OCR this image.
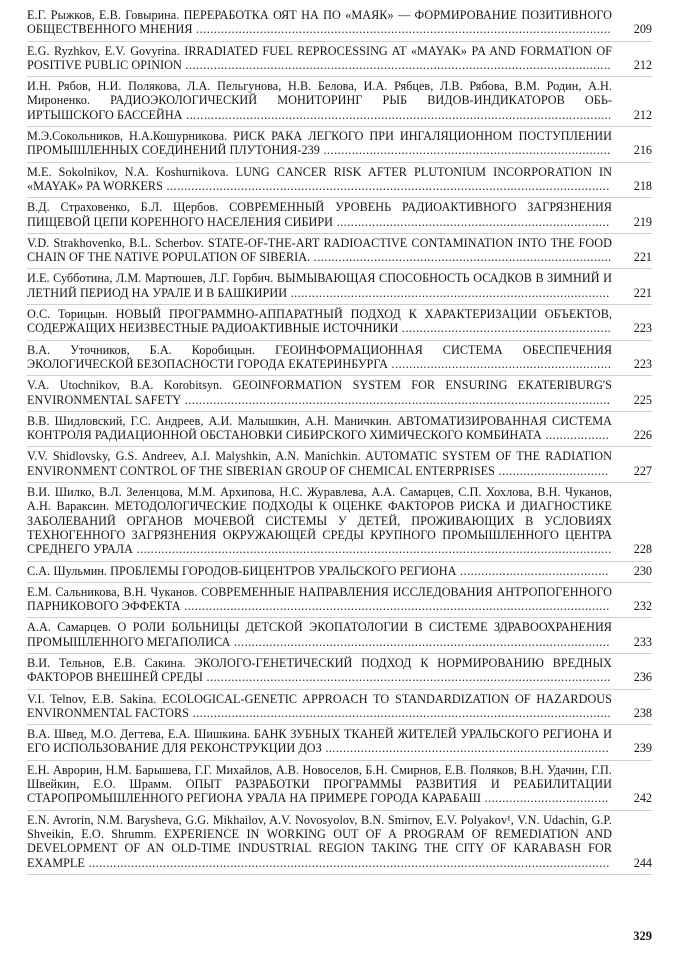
Е.Г. Рыжков, Е.В. Говырина. ПЕРЕРАБОТКА ОЯТ НА ПО «МАЯК» — ФОРМИРОВАНИЕ ПОЗИТИВНОГО ОБЩЕСТВЕННОГО МНЕНИЯ .....................................................................................................................	209
E.G. Ryzhkov, E.V. Govyrina. IRRADIATED FUEL REPROCESSING AT «MAYAK» PA AND FORMATION OF POSITIVE PUBLIC OPINION ........................................................................................................................	212
И.Н. Рябов, Н.И. Полякова, Л.А. Пельгунова, Н.В. Белова, И.А. Рябцев, Л.В. Рябова, В.М. Родин, А.Н. Мироненко. РАДИОЭКОЛОГИЧЕСКИЙ МОНИТОРИНГ РЫБ ВИДОВ-ИНДИКАТОРОВ ОБЬ-ИРТЫШСКОГО БАССЕЙНА ........................................................................................................................	212
М.Э.Сокольников, Н.А.Кошурникова. РИСК РАКА ЛЕГКОГО ПРИ ИНГАЛЯЦИОННОМ ПОСТУПЛЕНИИ ПРОМЫШЛЕННЫХ СОЕДИНЕНИЙ ПЛУТОНИЯ-239 .................................................................................	216
M.E. Sokolnikov, N.A. Koshurnikova. LUNG CANCER RISK AFTER PLUTONIUM INCORPORATION IN «MAYAK» PA WORKERS .............................................................................................................................	218
В.Д. Страховенко, Б.Л. Щербов. СОВРЕМЕННЫЙ УРОВЕНЬ РАДИОАКТИВНОГО ЗАГРЯЗНЕНИЯ ПИЩЕВОЙ ЦЕПИ КОРЕННОГО НАСЕЛЕНИЯ СИБИРИ .............................................................................	219
V.D. Strakhovenko, B.L. Scherbov. STATE-OF-THE-ART RADIOACTIVE CONTAMINATION INTO THE FOOD CHAIN OF THE NATIVE POPULATION OF SIBERIA. ....................................................................................	221
И.Е. Субботина, Л.М. Мартюшев, Л.Г. Горбич. ВЫМЫВАЮЩАЯ СПОСОБНОСТЬ ОСАДКОВ В ЗИМНИЙ И ЛЕТНИЙ ПЕРИОД НА УРАЛЕ И В БАШКИРИИ ..........................................................................................	221
О.С. Торицын. НОВЫЙ ПРОГРАММНО-АППАРАТНЫЙ ПОДХОД К ХАРАКТЕРИЗАЦИИ ОБЪЕКТОВ, СОДЕРЖАЩИХ НЕИЗВЕСТНЫЕ РАДИОАКТИВНЫЕ ИСТОЧНИКИ ...........................................................	223
В.А. Уточников, Б.А. Коробицын. ГЕОИНФОРМАЦИОННАЯ СИСТЕМА ОБЕСПЕЧЕНИЯ ЭКОЛОГИЧЕСКОЙ БЕЗОПАСНОСТИ ГОРОДА ЕКАТЕРИНБУРГА ..............................................................	223
V.A. Utochnikov, B.A. Korobitsyn. GEOINFORMATION SYSTEM FOR ENSURING EKATERIBURG'S ENVIRONMENTAL SAFETY ........................................................................................................................	225
В.В. Шидловский, Г.С. Андреев, А.И. Малышкин, А.Н. Маничкин. АВТОМАТИЗИРОВАННАЯ СИСТЕМА КОНТРОЛЯ РАДИАЦИОННОЙ ОБСТАНОВКИ СИБИРСКОГО ХИМИЧЕСКОГО КОМБИНАТА ..................	226
V.V. Shidlovsky, G.S. Andreev, A.I. Malyshkin, A.N. Manichkin. AUTOMATIC SYSTEM OF THE RADIATION ENVIRONMENT CONTROL OF THE SIBERIAN GROUP OF CHEMICAL ENTERPRISES ...............................	227
В.И. Шилко, В.Л. Зеленцова, М.М. Архипова, Н.С. Журавлева, А.А. Самарцев, С.П. Хохлова, В.Н. Чуканов, А.Н. Вараксин. МЕТОДОЛОГИЧЕСКИЕ ПОДХОДЫ К ОЦЕНКЕ ФАКТОРОВ РИСКА И ДИАГНОСТИКЕ ЗАБОЛЕВАНИЙ ОРГАНОВ МОЧЕВОЙ СИСТЕМЫ У ДЕТЕЙ, ПРОЖИВАЮЩИХ В УСЛОВИЯХ ТЕХНОГЕННОГО ЗАГРЯЗНЕНИЯ ОКРУЖАЮЩЕЙ СРЕДЫ КРУПНОГО ПРОМЫШЛЕННОГО ЦЕНТРА СРЕДНЕГО УРАЛА ......................................................................................................................................	228
С.А. Шульмин. ПРОБЛЕМЫ ГОРОДОВ-БИЦЕНТРОВ УРАЛЬСКОГО РЕГИОНА ..........................................	230
Е.М. Сальникова, В.Н. Чуканов. СОВРЕМЕННЫЕ НАПРАВЛЕНИЯ ИССЛЕДОВАНИЯ АНТРОПОГЕННОГО ПАРНИКОВОГО ЭФФЕКТА ........................................................................................................................	232
А.А. Самарцев. О РОЛИ БОЛЬНИЦЫ ДЕТСКОЙ ЭКОПАТОЛОГИИ В СИСТЕМЕ ЗДРАВООХРАНЕНИЯ ПРОМЫШЛЕННОГО МЕГАПОЛИСА ..........................................................................................................	233
В.И. Тельнов, Е.В. Сакина. ЭКОЛОГО-ГЕНЕТИЧЕСКИЙ ПОДХОД К НОРМИРОВАНИЮ ВРЕДНЫХ ФАКТОРОВ ВНЕШНЕЙ СРЕДЫ ..................................................................................................................	236
V.I. Telnov, E.B. Sakina. ECOLOGICAL-GENETIC APPROACH TO STANDARDIZATION OF HAZARDOUS ENVIRONMENTAL FACTORS ......................................................................................................................	238
В.А. Швед, М.О. Дегтева, Е.А. Шишкина. БАНК ЗУБНЫХ ТКАНЕЙ ЖИТЕЛЕЙ УРАЛЬСКОГО РЕГИОНА И ЕГО ИСПОЛЬЗОВАНИЕ ДЛЯ РЕКОНСТРУКЦИИ ДОЗ ................................................................................	239
Е.Н. Аврорин, Н.М. Барышева, Г.Г. Михайлов, А.В. Новоселов, Б.Н. Смирнов, Е.В. Поляков, В.Н. Удачин, Г.П. Швейкин, Е.О. Шрамм. ОПЫТ РАЗРАБОТКИ ПРОГРАММЫ РАЗВИТИЯ И РЕАБИЛИТАЦИИ СТАРОПРОМЫШЛЕННОГО РЕГИОНА УРАЛА НА ПРИМЕРЕ ГОРОДА КАРАБАШ ...................................	242
E.N. Avrorin, N.M. Barysheva, G.G. Mikhailov, A.V. Novosyolov, B.N. Smirnov, E.V. Polyakov¹, V.N. Udachin, G.P. Shveikin, E.O. Shrumm. EXPERIENCE IN WORKING OUT OF A PROGRAM OF REMEDIATION AND DEVELOPMENT OF AN OLD-TIME INDUSTRIAL REGION TAKING THE CITY OF KARABASH FOR EXAMPLE ...................................................................................................................................................	244
329
